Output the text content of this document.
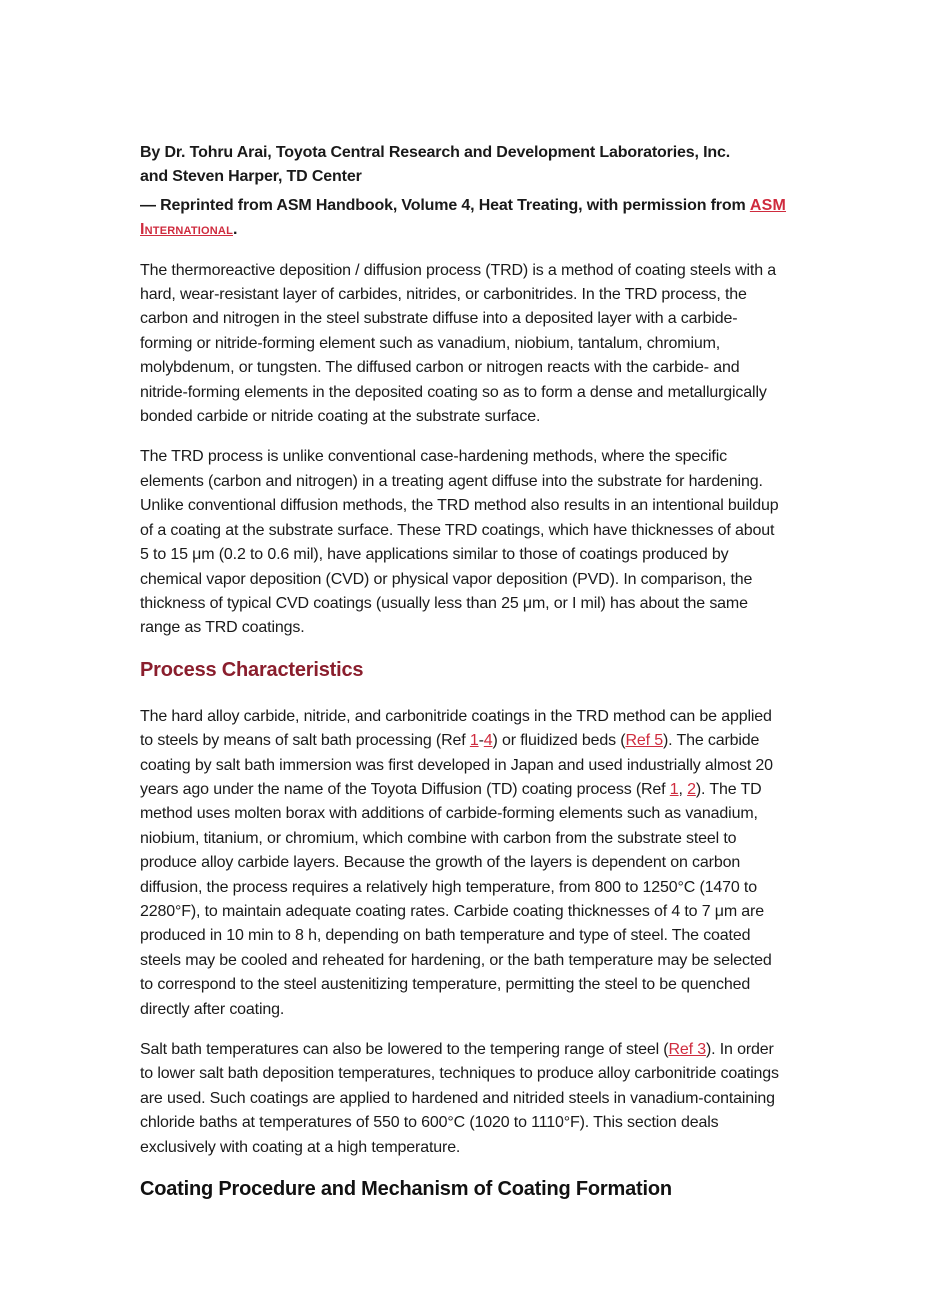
By Dr. Tohru Arai, Toyota Central Research and Development Laboratories, Inc.
and Steven Harper, TD Center

— Reprinted from ASM Handbook, Volume 4, Heat Treating, with permission from ASM International.

The thermoreactive deposition / diffusion process (TRD) is a method of coating steels with a hard, wear-resistant layer of carbides, nitrides, or carbonitrides. In the TRD process, the carbon and nitrogen in the steel substrate diffuse into a deposited layer with a carbide-forming or nitride-forming element such as vanadium, niobium, tantalum, chromium, molybdenum, or tungsten. The diffused carbon or nitrogen reacts with the carbide- and nitride-forming elements in the deposited coating so as to form a dense and metallurgically bonded carbide or nitride coating at the substrate surface.

The TRD process is unlike conventional case-hardening methods, where the specific elements (carbon and nitrogen) in a treating agent diffuse into the substrate for hardening. Unlike conventional diffusion methods, the TRD method also results in an intentional buildup of a coating at the substrate surface. These TRD coatings, which have thicknesses of about 5 to 15 μm (0.2 to 0.6 mil), have applications similar to those of coatings produced by chemical vapor deposition (CVD) or physical vapor deposition (PVD). In comparison, the thickness of typical CVD coatings (usually less than 25 μm, or I mil) has about the same range as TRD coatings.

Process Characteristics

The hard alloy carbide, nitride, and carbonitride coatings in the TRD method can be applied to steels by means of salt bath processing (Ref 1-4) or fluidized beds (Ref 5). The carbide coating by salt bath immersion was first developed in Japan and used industrially almost 20 years ago under the name of the Toyota Diffusion (TD) coating process (Ref 1, 2). The TD method uses molten borax with additions of carbide-forming elements such as vanadium, niobium, titanium, or chromium, which combine with carbon from the substrate steel to produce alloy carbide layers. Because the growth of the layers is dependent on carbon diffusion, the process requires a relatively high temperature, from 800 to 1250°C (1470 to 2280°F), to maintain adequate coating rates. Carbide coating thicknesses of 4 to 7 μm are produced in 10 min to 8 h, depending on bath temperature and type of steel. The coated steels may be cooled and reheated for hardening, or the bath temperature may be selected to correspond to the steel austenitizing temperature, permitting the steel to be quenched directly after coating.

Salt bath temperatures can also be lowered to the tempering range of steel (Ref 3). In order to lower salt bath deposition temperatures, techniques to produce alloy carbonitride coatings are used. Such coatings are applied to hardened and nitrided steels in vanadium-containing chloride baths at temperatures of 550 to 600°C (1020 to 1110°F). This section deals exclusively with coating at a high temperature.

Coating Procedure and Mechanism of Coating Formation
